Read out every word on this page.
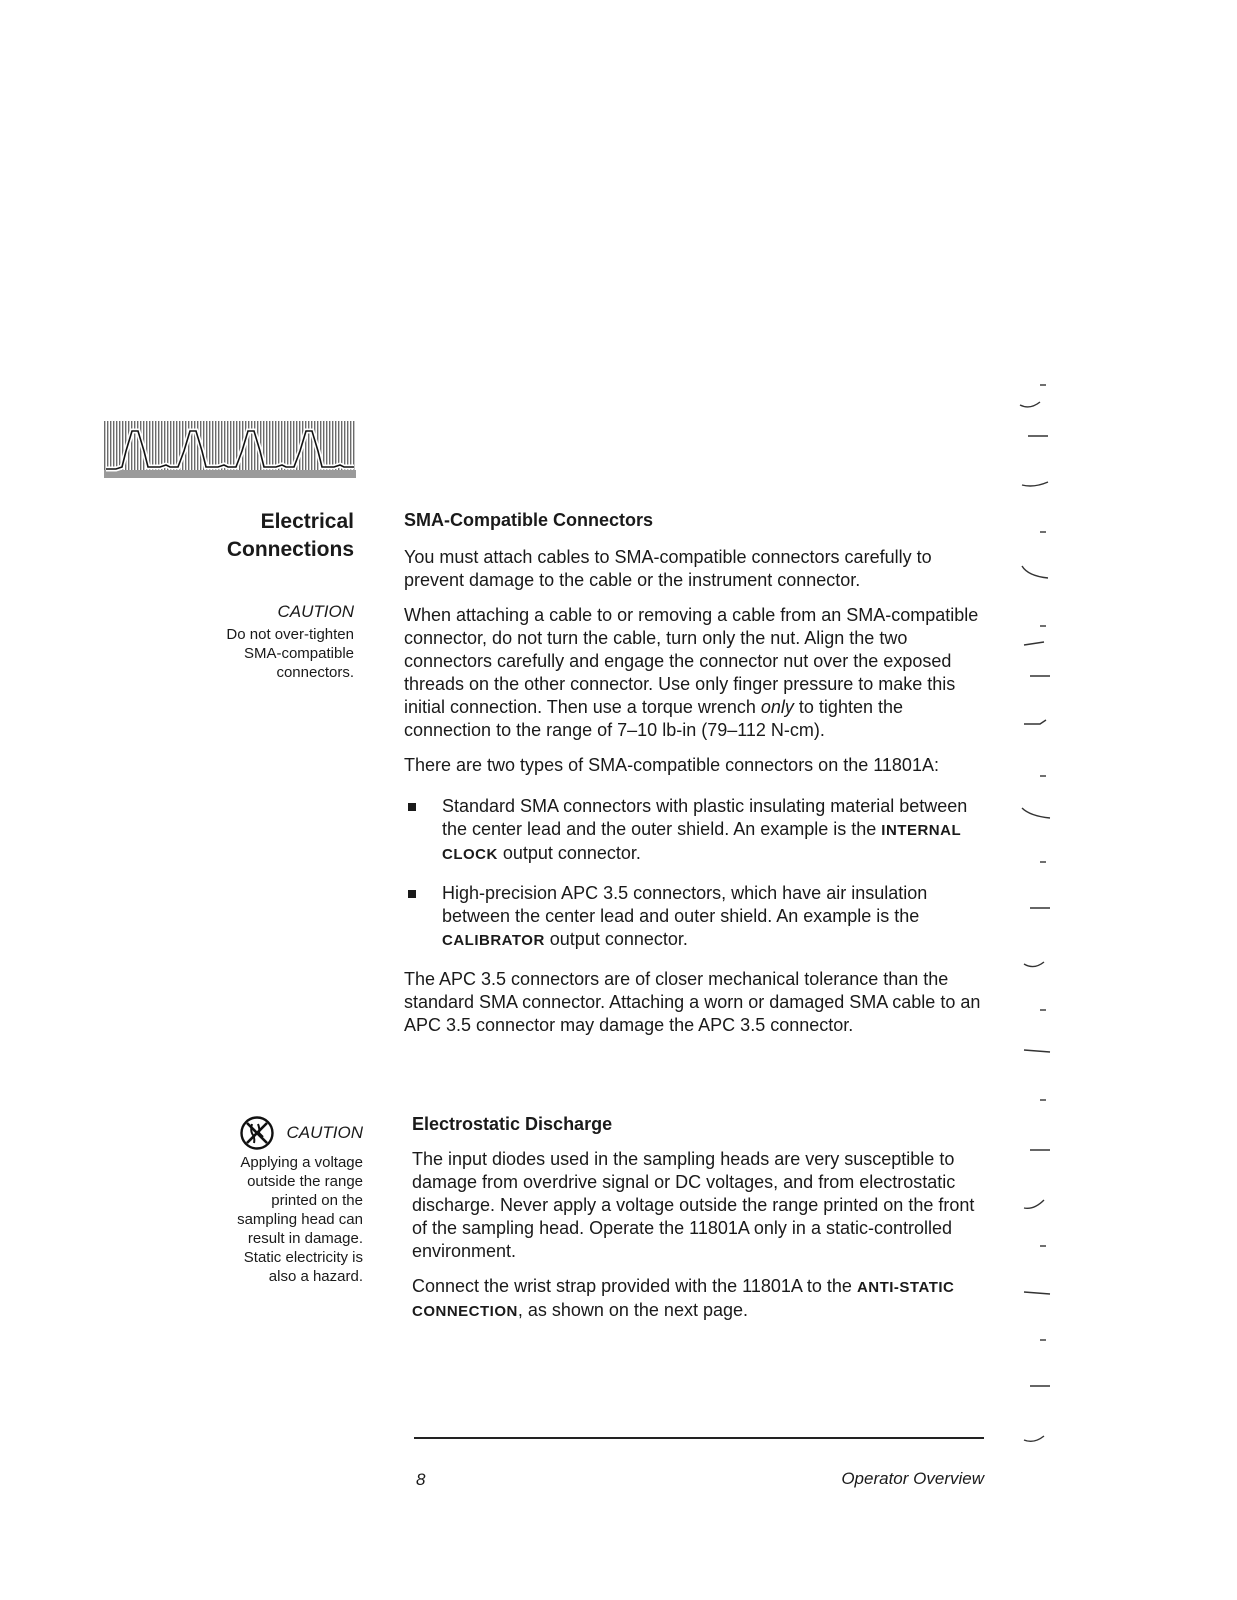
Electrical
Connections
CAUTION
Do not over-tighten
SMA-compatible
connectors.
SMA-Compatible Connectors

You must attach cables to SMA-compatible connectors carefully to prevent damage to the cable or the instrument connector.

When attaching a cable to or removing a cable from an SMA-compatible connector, do not turn the cable, turn only the nut. Align the two connectors carefully and engage the connector nut over the exposed threads on the other connector. Use only finger pressure to make this initial connection. Then use a torque wrench only to tighten the connection to the range of 7–10 lb-in (79–112 N-cm).

There are two types of SMA-compatible connectors on the 11801A:

Standard SMA connectors with plastic insulating material between the center lead and the outer shield. An example is the INTERNAL CLOCK output connector.
High-precision APC 3.5 connectors, which have air insulation between the center lead and outer shield. An example is the CALIBRATOR output connector.

The APC 3.5 connectors are of closer mechanical tolerance than the standard SMA connector. Attaching a worn or damaged SMA cable to an APC 3.5 connector may damage the APC 3.5 connector.

CAUTION
Applying a voltage
outside the range
printed on the
sampling head can
result in damage.
Static electricity is
also a hazard.
Electrostatic Discharge

The input diodes used in the sampling heads are very susceptible to damage from overdrive signal or DC voltages, and from electrostatic discharge. Never apply a voltage outside the range printed on the front of the sampling head. Operate the 11801A only in a static-controlled environment.

Connect the wrist strap provided with the 11801A to the ANTI-STATIC CONNECTION, as shown on the next page.

8	Operator Overview
